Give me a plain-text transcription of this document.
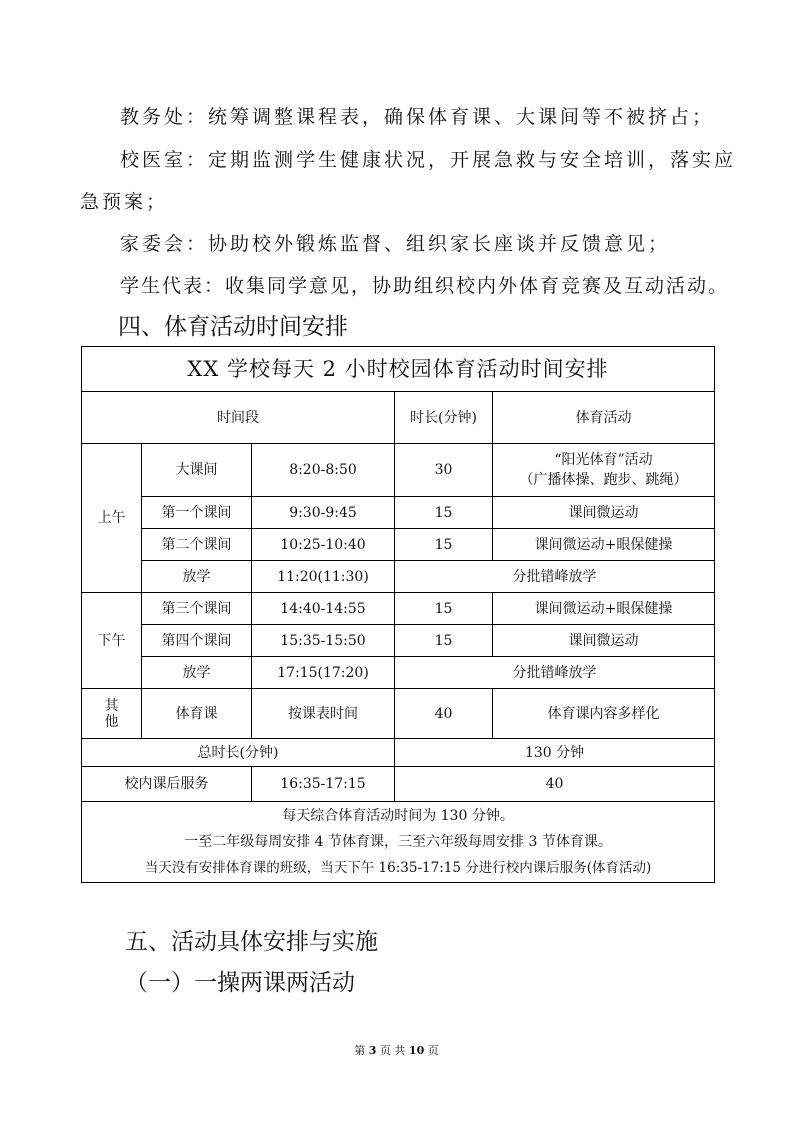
教务处：统筹调整课程表，确保体育课、大课间等不被挤占；
校医室：定期监测学生健康状况，开展急救与安全培训，落实应
急预案；
家委会：协助校外锻炼监督、组织家长座谈并反馈意见；
学生代表：收集同学意见，协助组织校内外体育竞赛及互动活动。
四、体育活动时间安排
XX 学校每天 2 小时校园体育活动时间安排				
时间段			时长(分钟)	体育活动
上午	大课间	8:20-8:50	30	“阳光体育”活动
（广播体操、跑步、跳绳）

	第一个课间	9:30-9:45	15	课间微运动
	第二个课间	10:25-10:40	15	课间微运动+眼保健操
	放学	11:20(11:30)	分批错峰放学	
下午	第三个课间	14:40-14:55	15	课间微运动+眼保健操
	第四个课间	15:35-15:50	15	课间微运动
	放学	17:15(17:20)	分批错峰放学	
其他	体育课	按课表时间	40	体育课内容多样化
总时长(分钟)			130 分钟	
校内课后服务		16:35-17:15	40	

每天综合体育活动时间为 130 分钟。
一至二年级每周安排 4 节体育课，三至六年级每周安排 3 节体育课。
当天没有安排体育课的班级，当天下午 16:35-17:15 分进行校内课后服务(体育活动)				
五、活动具体安排与实施
（一）一操两课两活动
第 3 页 共 10 页
